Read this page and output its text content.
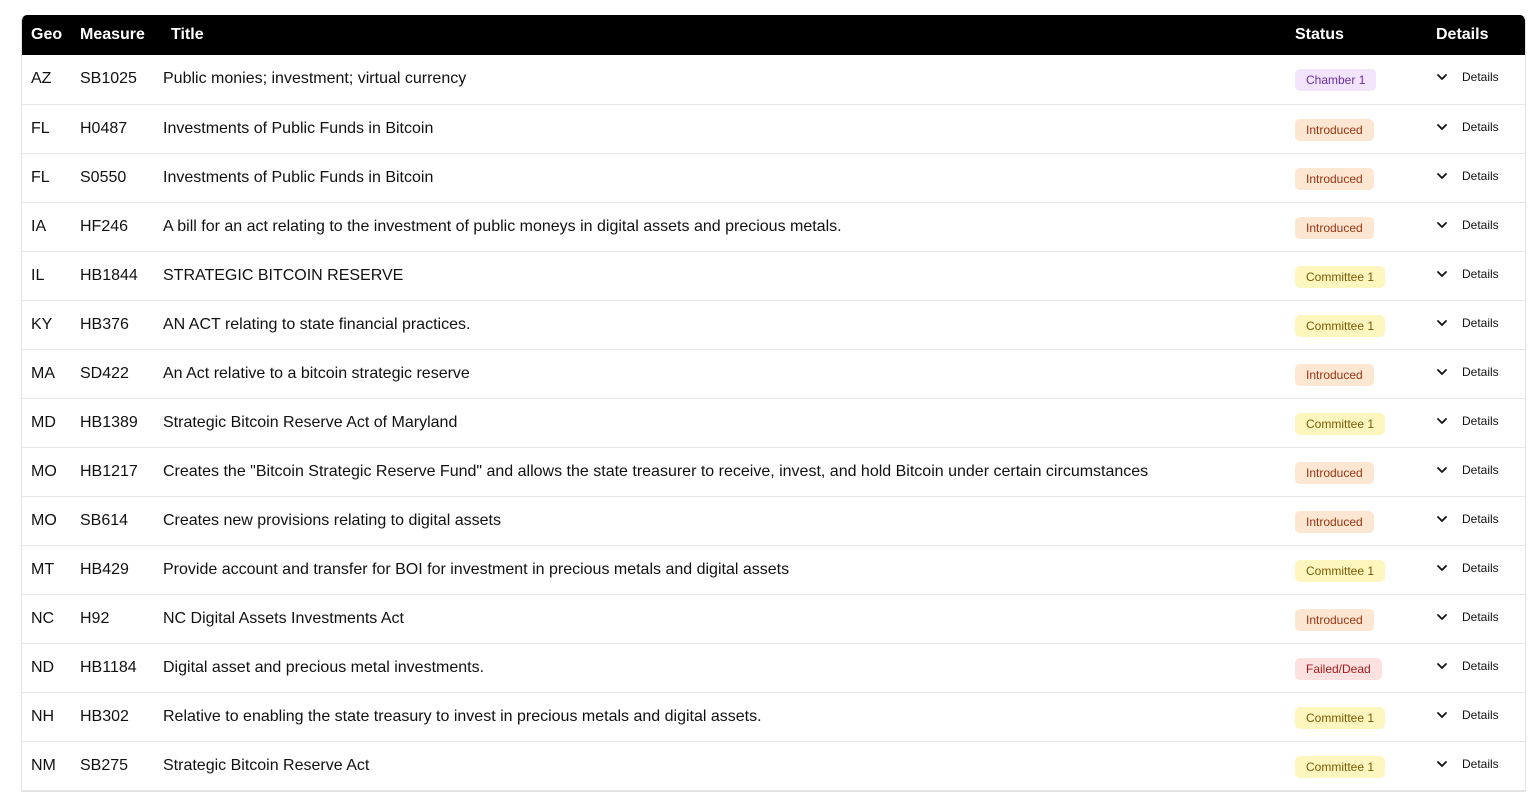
Geo	Measure	Title	Status	Details
AZ	SB1025	Public monies; investment; virtual currency	Chamber 1	Details

FL	H0487	Investments of Public Funds in Bitcoin	Introduced	Details

FL	S0550	Investments of Public Funds in Bitcoin	Introduced	Details

IA	HF246	A bill for an act relating to the investment of public moneys in digital assets and precious metals.	Introduced	Details

IL	HB1844	STRATEGIC BITCOIN RESERVE	Committee 1	Details

KY	HB376	AN ACT relating to state financial practices.	Committee 1	Details

MA	SD422	An Act relative to a bitcoin strategic reserve	Introduced	Details

MD	HB1389	Strategic Bitcoin Reserve Act of Maryland	Committee 1	Details

MO	HB1217	Creates the "Bitcoin Strategic Reserve Fund" and allows the state treasurer to receive, invest, and hold Bitcoin under certain circumstances	Introduced	Details

MO	SB614	Creates new provisions relating to digital assets	Introduced	Details

MT	HB429	Provide account and transfer for BOI for investment in precious metals and digital assets	Committee 1	Details

NC	H92	NC Digital Assets Investments Act	Introduced	Details

ND	HB1184	Digital asset and precious metal investments.	Failed/Dead	Details

NH	HB302	Relative to enabling the state treasury to invest in precious metals and digital assets.	Committee 1	Details

NM	SB275	Strategic Bitcoin Reserve Act	Committee 1	Details
